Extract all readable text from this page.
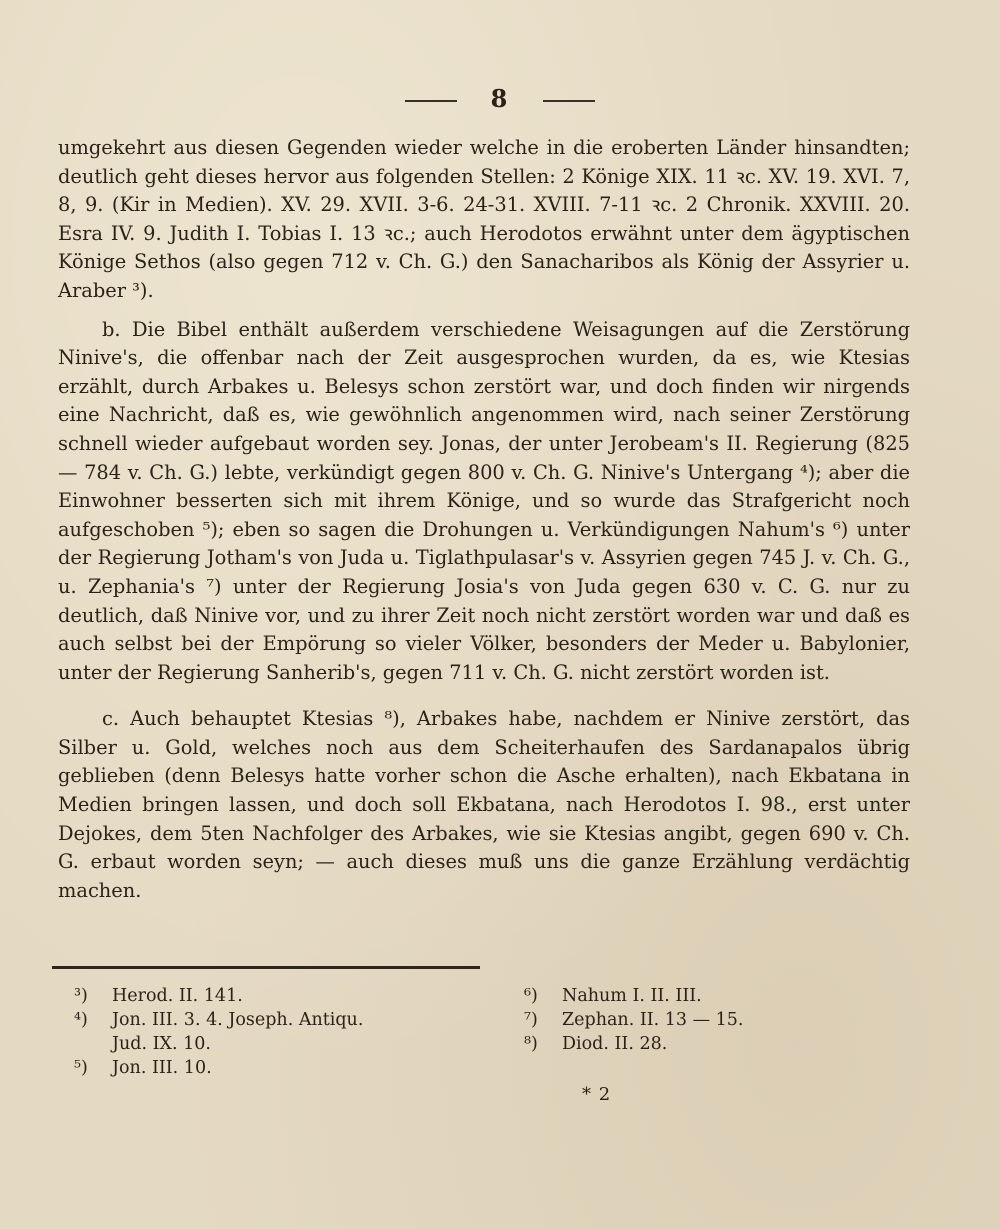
8

umgekehrt aus diesen Gegenden wieder welche in die eroberten Länder hinsandten; deutlich geht dieses hervor aus folgenden Stellen: 2 Könige XIX. 11 ꝛc. XV. 19. XVI. 7, 8, 9. (Kir in Medien). XV. 29. XVII. 3-6. 24-31. XVIII. 7-11 ꝛc. 2 Chronik. XXVIII. 20. Esra IV. 9. Judith I. Tobias I. 13 ꝛc.; auch Herodotos erwähnt unter dem ägyptischen Könige Sethos (also gegen 712 v. Ch. G.) den Sanacharibos als König der Assyrier u. Araber ³).

b. Die Bibel enthält außerdem verschiedene Weisagungen auf die Zerstörung Ninive's, die offenbar nach der Zeit ausgesprochen wurden, da es, wie Ktesias erzählt, durch Arbakes u. Belesys schon zerstört war, und doch finden wir nirgends eine Nachricht, daß es, wie gewöhnlich angenommen wird, nach seiner Zerstörung schnell wieder aufgebaut worden sey. Jonas, der unter Jerobeam's II. Regierung (825 — 784 v. Ch. G.) lebte, verkündigt gegen 800 v. Ch. G. Ninive's Untergang ⁴); aber die Einwohner besserten sich mit ihrem Könige, und so wurde das Strafgericht noch aufgeschoben ⁵); eben so sagen die Drohungen u. Verkündigungen Nahum's ⁶) unter der Regierung Jotham's von Juda u. Tiglathpulasar's v. Assyrien gegen 745 J. v. Ch. G., u. Zephania's ⁷) unter der Regierung Josia's von Juda gegen 630 v. C. G. nur zu deutlich, daß Ninive vor, und zu ihrer Zeit noch nicht zerstört worden war und daß es auch selbst bei der Empörung so vieler Völker, besonders der Meder u. Babylonier, unter der Regierung Sanherib's, gegen 711 v. Ch. G. nicht zerstört worden ist.

c. Auch behauptet Ktesias ⁸), Arbakes habe, nachdem er Ninive zerstört, das Silber u. Gold, welches noch aus dem Scheiterhaufen des Sardanapalos übrig geblieben (denn Belesys hatte vorher schon die Asche erhalten), nach Ekbatana in Medien bringen lassen, und doch soll Ekbatana, nach Herodotos I. 98., erst unter Dejokes, dem 5ten Nachfolger des Arbakes, wie sie Ktesias angibt, gegen 690 v. Ch. G. erbaut worden seyn; — auch dieses muß uns die ganze Erzählung verdächtig machen.

³) Herod. II. 141.
⁴) Jon. III. 3. 4. Joseph. Antiqu.
Jud. IX. 10.
⁵) Jon. III. 10.
⁶) Nahum I. II. III.
⁷) Zephan. II. 13 — 15.
⁸) Diod. II. 28.
* 2
